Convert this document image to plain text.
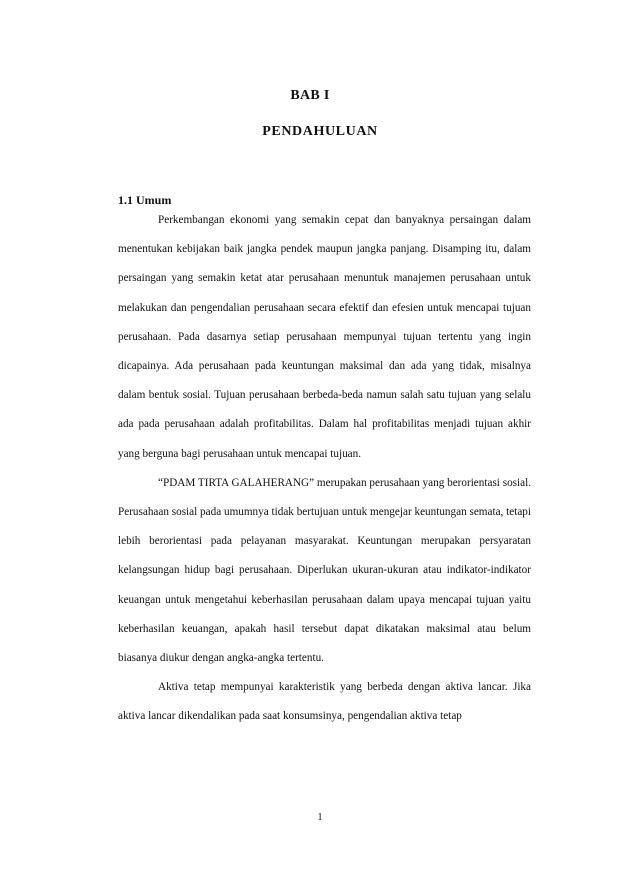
BAB I
PENDAHULUAN
1.1 Umum

Perkembangan ekonomi yang semakin cepat dan banyaknya persaingan dalam menentukan kebijakan baik jangka pendek maupun jangka panjang. Disamping itu, dalam persaingan yang semakin ketat atar perusahaan menuntuk manajemen perusahaan untuk melakukan dan pengendalian perusahaan secara efektif dan efesien untuk mencapai tujuan perusahaan. Pada dasarnya setiap perusahaan mempunyai tujuan tertentu yang ingin dicapainya. Ada perusahaan pada keuntungan maksimal dan ada yang tidak, misalnya dalam bentuk sosial. Tujuan perusahaan berbeda-beda namun salah satu tujuan yang selalu ada pada perusahaan adalah profitabilitas. Dalam hal profitabilitas menjadi tujuan akhir yang berguna bagi perusahaan untuk mencapai tujuan.

“PDAM TIRTA GALAHERANG” merupakan perusahaan yang berorientasi sosial. Perusahaan sosial pada umumnya tidak bertujuan untuk mengejar keuntungan semata, tetapi lebih berorientasi pada pelayanan masyarakat. Keuntungan merupakan persyaratan kelangsungan hidup bagi perusahaan. Diperlukan ukuran-ukuran atau indikator-indikator keuangan untuk mengetahui keberhasilan perusahaan dalam upaya mencapai tujuan yaitu keberhasilan keuangan, apakah hasil tersebut dapat dikatakan maksimal atau belum biasanya diukur dengan angka-angka tertentu.

Aktiva tetap mempunyai karakteristik yang berbeda dengan aktiva lancar. Jika aktiva lancar dikendalikan pada saat konsumsinya, pengendalian aktiva tetap

1
